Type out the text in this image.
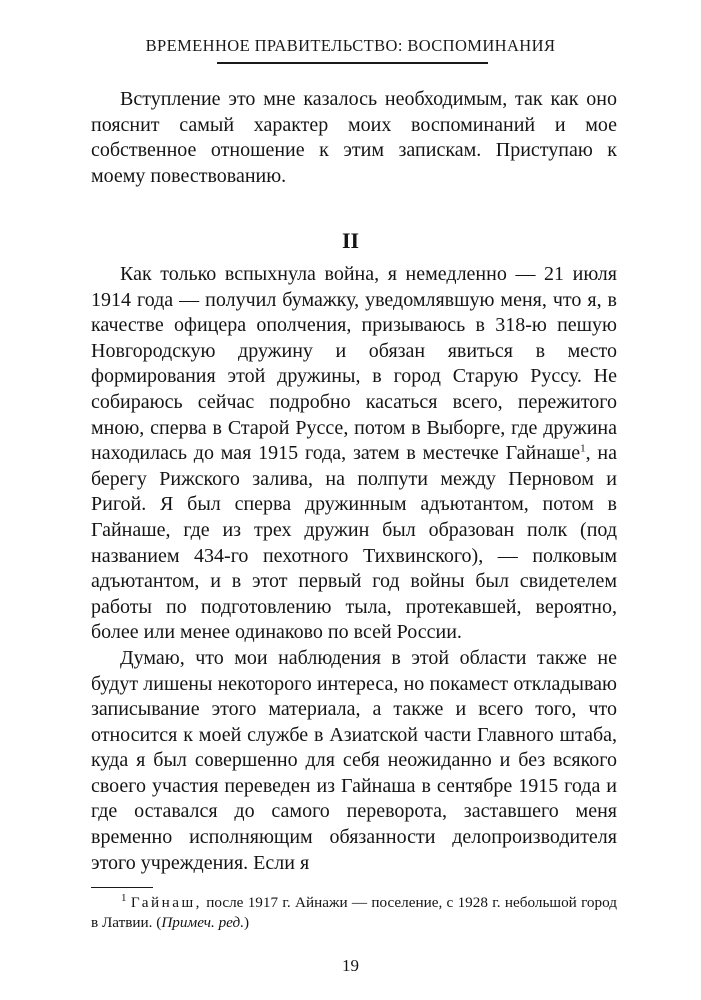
ВРЕМЕННОЕ ПРАВИТЕЛЬСТВО: ВОСПОМИНАНИЯ

Вступление это мне казалось необходимым, так как оно пояснит самый характер моих воспоминаний и мое собственное отношение к этим запискам. Приступаю к моему повествованию.

II

Как только вспыхнула война, я немедленно — 21 июля 1914 года — получил бумажку, уведомлявшую меня, что я, в качестве офицера ополчения, призываюсь в 318-ю пешую Новгородскую дружину и обязан явиться в место формирования этой дружины, в город Старую Руссу. Не собираюсь сейчас подробно касаться всего, пережитого мною, сперва в Старой Руссе, потом в Выборге, где дружина находилась до мая 1915 года, затем в местечке Гайнаше$^1$, на берегу Рижского залива, на полпути между Перновом и Ригой. Я был сперва дружинным адъютантом, потом в Гайнаше, где из трех дружин был образован полк (под названием 434-го пехотного Тихвинского), — полковым адъютантом, и в этот первый год войны был свидетелем работы по подготовлению тыла, протекавшей, вероятно, более или менее одинаково по всей России.

Думаю, что мои наблюдения в этой области также не будут лишены некоторого интереса, но покамест откладываю записывание этого материала, а также и всего того, что относится к моей службе в Азиатской части Главного штаба, куда я был совершенно для себя неожиданно и без всякого своего участия переведен из Гайнаша в сентябре 1915 года и где оставался до самого переворота, заставшего меня временно исполняющим обязанности делопроизводителя этого учреждения. Если я

$^1$ Гайнаш, после 1917 г. Айнажи — поселение, с 1928 г. небольшой город в Латвии. (Примеч. ред.)
19
